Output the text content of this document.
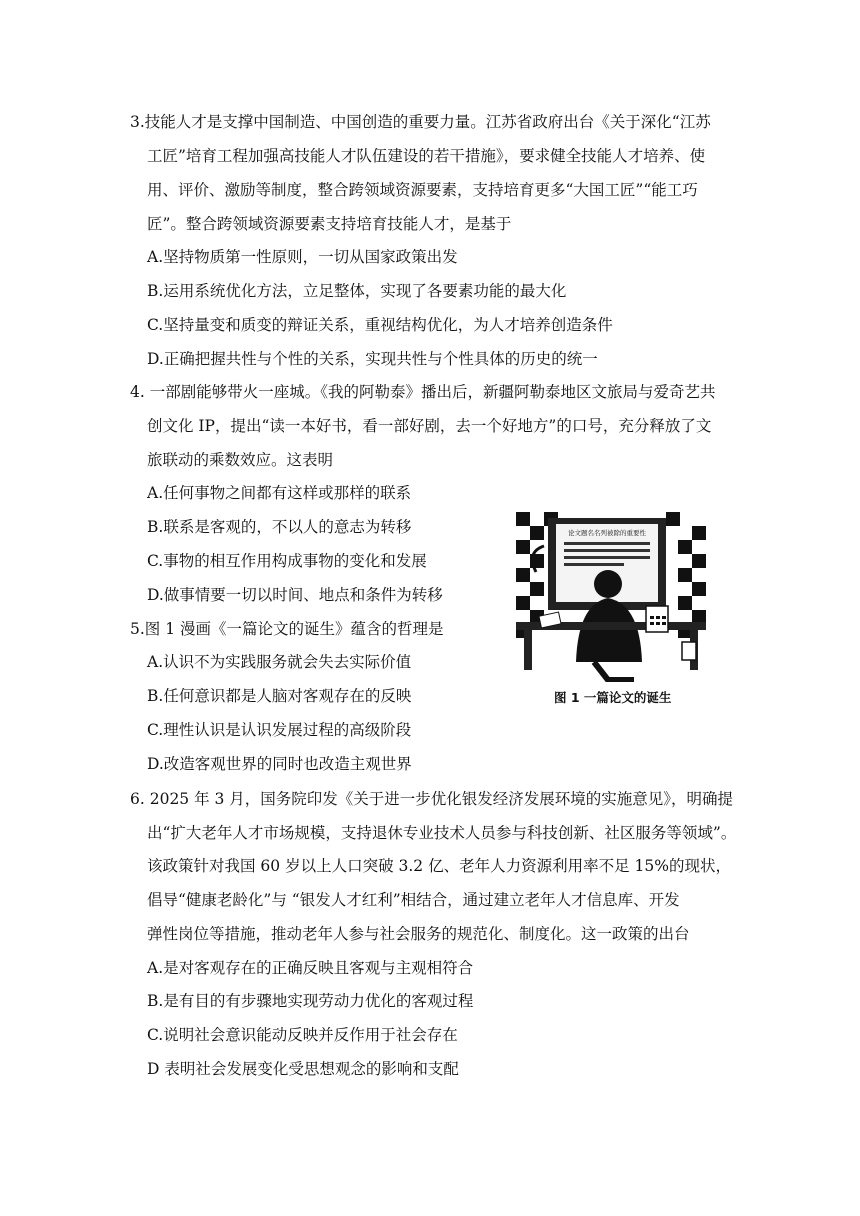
3.技能人才是支撑中国制造、中国创造的重要力量。江苏省政府出台《关于深化“江苏
工匠”培育工程加强高技能人才队伍建设的若干措施》，要求健全技能人才培养、使
用、评价、激励等制度，整合跨领域资源要素，支持培育更多“大国工匠”“能工巧
匠”。整合跨领域资源要素支持培育技能人才，是基于
A.坚持物质第一性原则，一切从国家政策出发
B.运用系统优化方法，立足整体，实现了各要素功能的最大化
C.坚持量变和质变的辩证关系，重视结构优化，为人才培养创造条件
D.正确把握共性与个性的关系，实现共性与个性具体的历史的统一
4. 一部剧能够带火一座城。《我的阿勒泰》播出后，新疆阿勒泰地区文旅局与爱奇艺共
创文化 IP，提出“读一本好书，看一部好剧，去一个好地方”的口号，充分释放了文
旅联动的乘数效应。这表明
A.任何事物之间都有这样或那样的联系
B.联系是客观的，不以人的意志为转移
C.事物的相互作用构成事物的变化和发展
D.做事情要一切以时间、地点和条件为转移
5.图 1 漫画《一篇论文的诞生》蕴含的哲理是
A.认识不为实践服务就会失去实际价值
B.任何意识都是人脑对客观存在的反映
C.理性认识是认识发展过程的高级阶段
D.改造客观世界的同时也改造主观世界
论文题名名列被除的重要性
图 1 一篇论文的诞生
6. 2025 年 3 月，国务院印发《关于进一步优化银发经济发展环境的实施意见》，明确提
出“扩大老年人才市场规模，支持退休专业技术人员参与科技创新、社区服务等领域”。
该政策针对我国 60 岁以上人口突破 3.2 亿、老年人力资源利用率不足 15%的现状，
倡导“健康老龄化”与 “银发人才红利”相结合，通过建立老年人才信息库、开发
弹性岗位等措施，推动老年人参与社会服务的规范化、制度化。这一政策的出台
A.是对客观存在的正确反映且客观与主观相符合
B.是有目的有步骤地实现劳动力优化的客观过程
C.说明社会意识能动反映并反作用于社会存在
D 表明社会发展变化受思想观念的影响和支配
